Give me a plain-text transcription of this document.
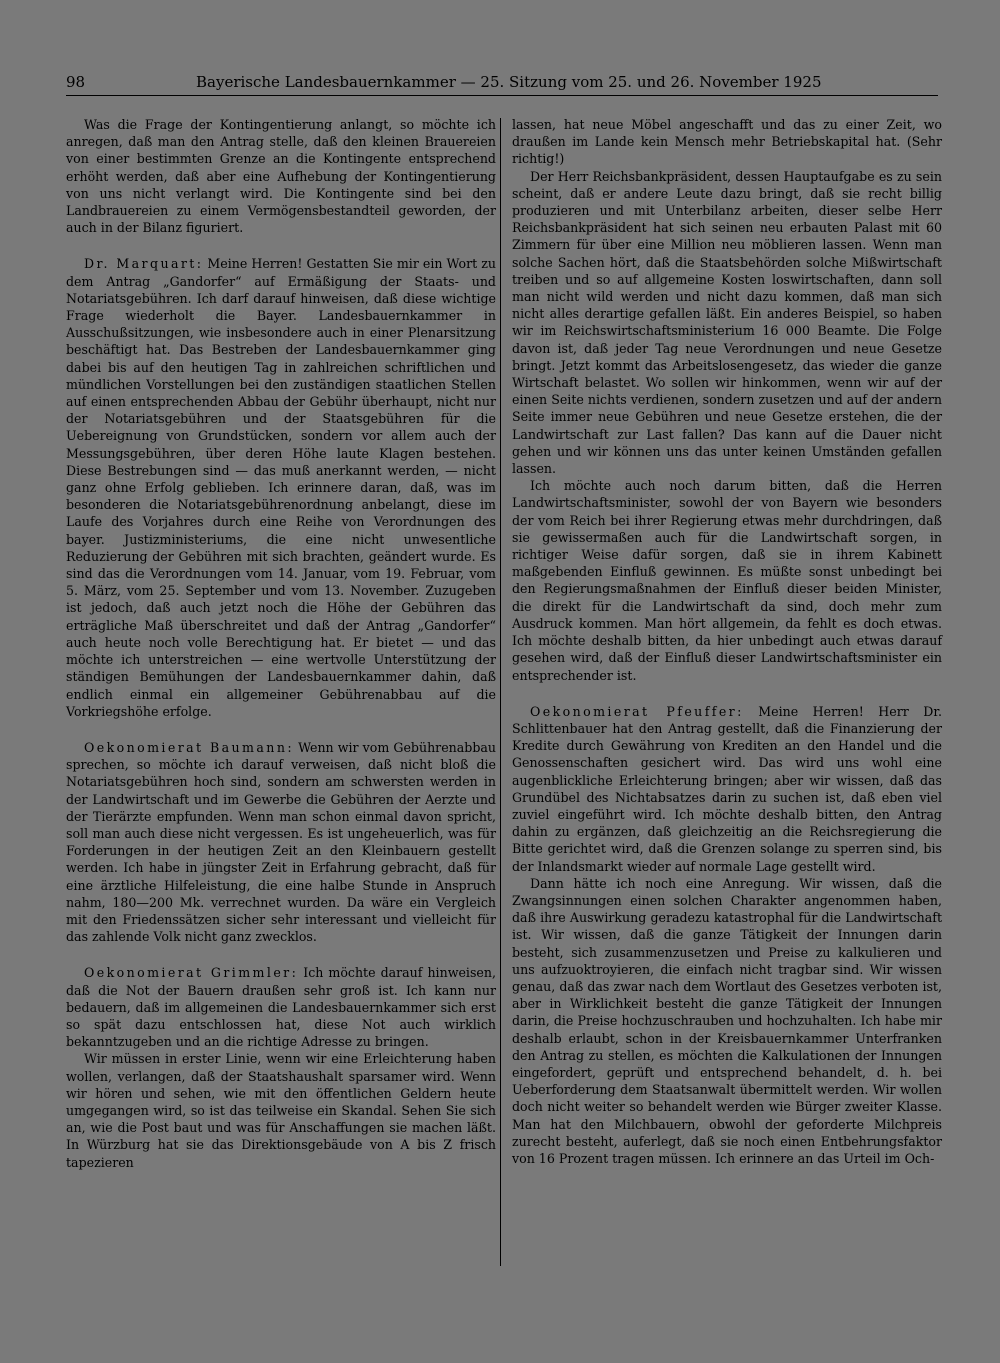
98	Bayerische Landesbauernkammer — 25. Sitzung vom 25. und 26. November 1925

Was die Frage der Kontingentierung anlangt, so möchte ich anregen, daß man den Antrag stelle, daß den kleinen Brauereien von einer bestimmten Grenze an die Kontingente entsprechend erhöht werden, daß aber eine Aufhebung der Kontingentierung von uns nicht verlangt wird. Die Kontingente sind bei den Landbrauereien zu einem Vermögensbestandteil geworden, der auch in der Bilanz figuriert.

Dr. Marquart: Meine Herren! Gestatten Sie mir ein Wort zu dem Antrag „Gandorfer“ auf Ermäßigung der Staats- und Notariatsgebühren. Ich darf darauf hinweisen, daß diese wichtige Frage wiederholt die Bayer. Landesbauernkammer in Ausschußsitzungen, wie insbesondere auch in einer Plenarsitzung beschäftigt hat. Das Bestreben der Landesbauernkammer ging dabei bis auf den heutigen Tag in zahlreichen schriftlichen und mündlichen Vorstellungen bei den zuständigen staatlichen Stellen auf einen entsprechenden Abbau der Gebühr überhaupt, nicht nur der Notariatsgebühren und der Staatsgebühren für die Uebereignung von Grundstücken, sondern vor allem auch der Messungsgebühren, über deren Höhe laute Klagen bestehen. Diese Bestrebungen sind — das muß anerkannt werden, — nicht ganz ohne Erfolg geblieben. Ich erinnere daran, daß, was im besonderen die Notariatsgebührenordnung anbelangt, diese im Laufe des Vorjahres durch eine Reihe von Verordnungen des bayer. Justizministeriums, die eine nicht unwesentliche Reduzierung der Gebühren mit sich brachten, geändert wurde. Es sind das die Verordnungen vom 14. Januar, vom 19. Februar, vom 5. März, vom 25. September und vom 13. November. Zuzugeben ist jedoch, daß auch jetzt noch die Höhe der Gebühren das erträgliche Maß überschreitet und daß der Antrag „Gandorfer“ auch heute noch volle Berechtigung hat. Er bietet — und das möchte ich unterstreichen — eine wertvolle Unterstützung der ständigen Bemühungen der Landesbauernkammer dahin, daß endlich einmal ein allgemeiner Gebührenabbau auf die Vorkriegshöhe erfolge.

Oekonomierat Baumann: Wenn wir vom Gebührenabbau sprechen, so möchte ich darauf verweisen, daß nicht bloß die Notariatsgebühren hoch sind, sondern am schwersten werden in der Landwirtschaft und im Gewerbe die Gebühren der Aerzte und der Tierärzte empfunden. Wenn man schon einmal davon spricht, soll man auch diese nicht vergessen. Es ist ungeheuerlich, was für Forderungen in der heutigen Zeit an den Kleinbauern gestellt werden. Ich habe in jüngster Zeit in Erfahrung gebracht, daß für eine ärztliche Hilfeleistung, die eine halbe Stunde in Anspruch nahm, 180—200 Mk. verrechnet wurden. Da wäre ein Vergleich mit den Friedenssätzen sicher sehr interessant und vielleicht für das zahlende Volk nicht ganz zwecklos.

Oekonomierat Grimmler: Ich möchte darauf hinweisen, daß die Not der Bauern draußen sehr groß ist. Ich kann nur bedauern, daß im allgemeinen die Landesbauernkammer sich erst so spät dazu entschlossen hat, diese Not auch wirklich bekanntzugeben und an die richtige Adresse zu bringen.

Wir müssen in erster Linie, wenn wir eine Erleichterung haben wollen, verlangen, daß der Staatshaushalt sparsamer wird. Wenn wir hören und sehen, wie mit den öffentlichen Geldern heute umgegangen wird, so ist das teilweise ein Skandal. Sehen Sie sich an, wie die Post baut und was für Anschaffungen sie machen läßt. In Würzburg hat sie das Direktionsgebäude von A bis Z frisch tapezieren

lassen, hat neue Möbel angeschafft und das zu einer Zeit, wo draußen im Lande kein Mensch mehr Betriebskapital hat. (Sehr richtig!)

Der Herr Reichsbankpräsident, dessen Hauptaufgabe es zu sein scheint, daß er andere Leute dazu bringt, daß sie recht billig produzieren und mit Unterbilanz arbeiten, dieser selbe Herr Reichsbankpräsident hat sich seinen neu erbauten Palast mit 60 Zimmern für über eine Million neu möblieren lassen. Wenn man solche Sachen hört, daß die Staatsbehörden solche Mißwirtschaft treiben und so auf allgemeine Kosten loswirtschaften, dann soll man nicht wild werden und nicht dazu kommen, daß man sich nicht alles derartige gefallen läßt. Ein anderes Beispiel, so haben wir im Reichswirtschaftsministerium 16 000 Beamte. Die Folge davon ist, daß jeder Tag neue Verordnungen und neue Gesetze bringt. Jetzt kommt das Arbeitslosengesetz, das wieder die ganze Wirtschaft belastet. Wo sollen wir hinkommen, wenn wir auf der einen Seite nichts verdienen, sondern zusetzen und auf der andern Seite immer neue Gebühren und neue Gesetze erstehen, die der Landwirtschaft zur Last fallen? Das kann auf die Dauer nicht gehen und wir können uns das unter keinen Umständen gefallen lassen.

Ich möchte auch noch darum bitten, daß die Herren Landwirtschaftsminister, sowohl der von Bayern wie besonders der vom Reich bei ihrer Regierung etwas mehr durchdringen, daß sie gewissermaßen auch für die Landwirtschaft sorgen, in richtiger Weise dafür sorgen, daß sie in ihrem Kabinett maßgebenden Einfluß gewinnen. Es müßte sonst unbedingt bei den Regierungsmaßnahmen der Einfluß dieser beiden Minister, die direkt für die Landwirtschaft da sind, doch mehr zum Ausdruck kommen. Man hört allgemein, da fehlt es doch etwas. Ich möchte deshalb bitten, da hier unbedingt auch etwas darauf gesehen wird, daß der Einfluß dieser Landwirtschaftsminister ein entsprechender ist.

Oekonomierat Pfeuffer: Meine Herren! Herr Dr. Schlittenbauer hat den Antrag gestellt, daß die Finanzierung der Kredite durch Gewährung von Krediten an den Handel und die Genossenschaften gesichert wird. Das wird uns wohl eine augenblickliche Erleichterung bringen; aber wir wissen, daß das Grundübel des Nichtabsatzes darin zu suchen ist, daß eben viel zuviel eingeführt wird. Ich möchte deshalb bitten, den Antrag dahin zu ergänzen, daß gleichzeitig an die Reichsregierung die Bitte gerichtet wird, daß die Grenzen solange zu sperren sind, bis der Inlandsmarkt wieder auf normale Lage gestellt wird.

Dann hätte ich noch eine Anregung. Wir wissen, daß die Zwangsinnungen einen solchen Charakter angenommen haben, daß ihre Auswirkung geradezu katastrophal für die Landwirtschaft ist. Wir wissen, daß die ganze Tätigkeit der Innungen darin besteht, sich zusammenzusetzen und Preise zu kalkulieren und uns aufzuoktroyieren, die einfach nicht tragbar sind. Wir wissen genau, daß das zwar nach dem Wortlaut des Gesetzes verboten ist, aber in Wirklichkeit besteht die ganze Tätigkeit der Innungen darin, die Preise hochzuschrauben und hochzuhalten. Ich habe mir deshalb erlaubt, schon in der Kreisbauernkammer Unterfranken den Antrag zu stellen, es möchten die Kalkulationen der Innungen eingefordert, geprüft und entsprechend behandelt, d. h. bei Ueberforderung dem Staatsanwalt übermittelt werden. Wir wollen doch nicht weiter so behandelt werden wie Bürger zweiter Klasse. Man hat den Milchbauern, obwohl der geforderte Milchpreis zurecht besteht, auferlegt, daß sie noch einen Entbehrungsfaktor von 16 Prozent tragen müssen. Ich erinnere an das Urteil im Och-
